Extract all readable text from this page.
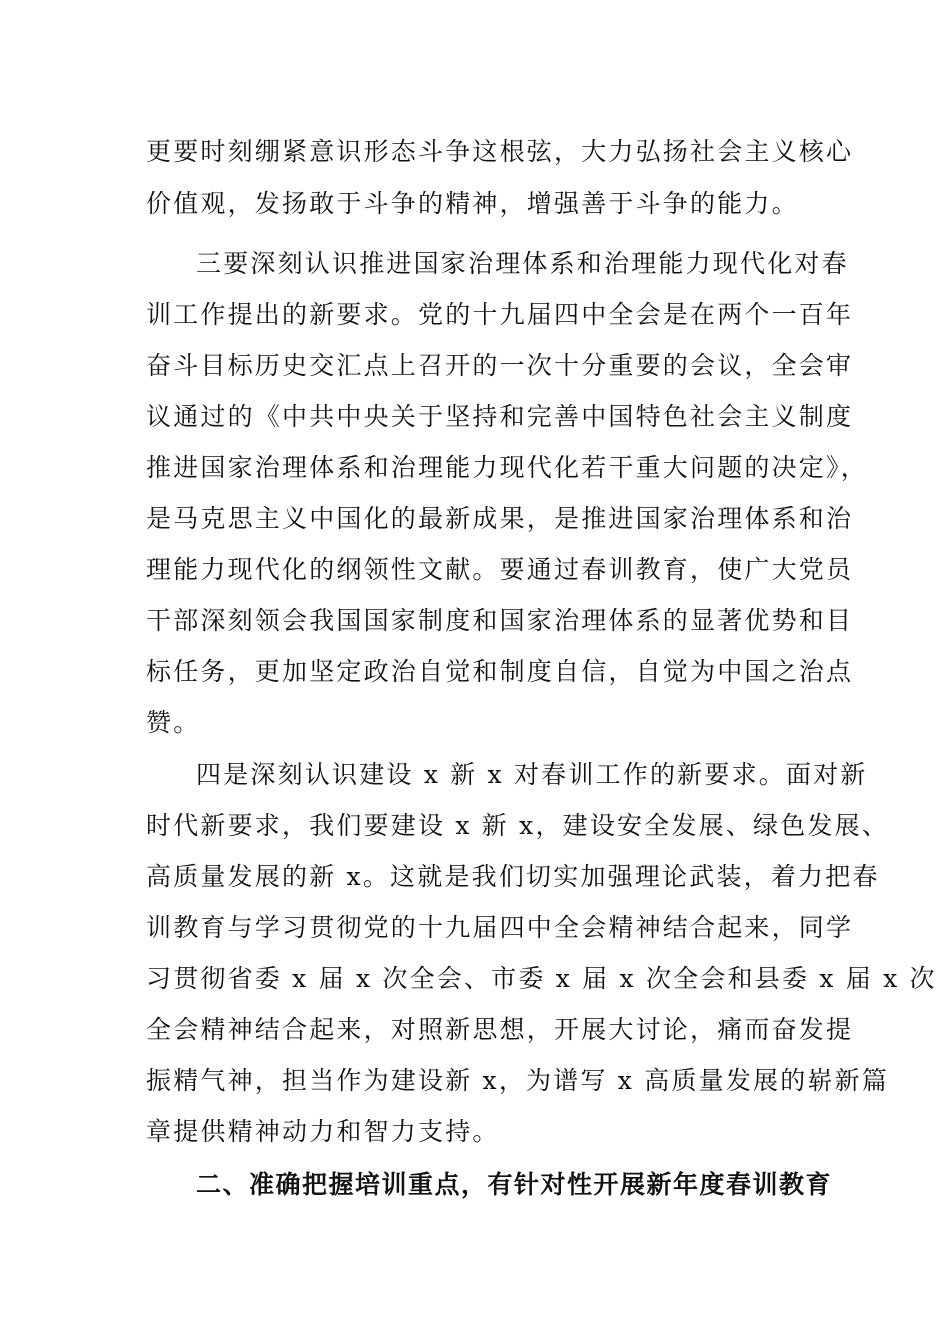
更要时刻绷紧意识形态斗争这根弦，大力弘扬社会主义核心
价值观，发扬敢于斗争的精神，增强善于斗争的能力。
三要深刻认识推进国家治理体系和治理能力现代化对春
训工作提出的新要求。党的十九届四中全会是在两个一百年
奋斗目标历史交汇点上召开的一次十分重要的会议，全会审
议通过的《中共中央关于坚持和完善中国特色社会主义制度
推进国家治理体系和治理能力现代化若干重大问题的决定》，
是马克思主义中国化的最新成果，是推进国家治理体系和治
理能力现代化的纲领性文献。要通过春训教育，使广大党员
干部深刻领会我国国家制度和国家治理体系的显著优势和目
标任务，更加坚定政治自觉和制度自信，自觉为中国之治点
赞。
四是深刻认识建设 x 新 x 对春训工作的新要求。面对新
时代新要求，我们要建设 x 新 x，建设安全发展、绿色发展、
高质量发展的新 x。这就是我们切实加强理论武装，着力把春
训教育与学习贯彻党的十九届四中全会精神结合起来，同学
习贯彻省委 x 届 x 次全会、市委 x 届 x 次全会和县委 x 届 x 次
全会精神结合起来，对照新思想，开展大讨论，痛而奋发提
振精气神，担当作为建设新 x，为谱写 x 高质量发展的崭新篇
章提供精神动力和智力支持。
二、准确把握培训重点，有针对性开展新年度春训教育
